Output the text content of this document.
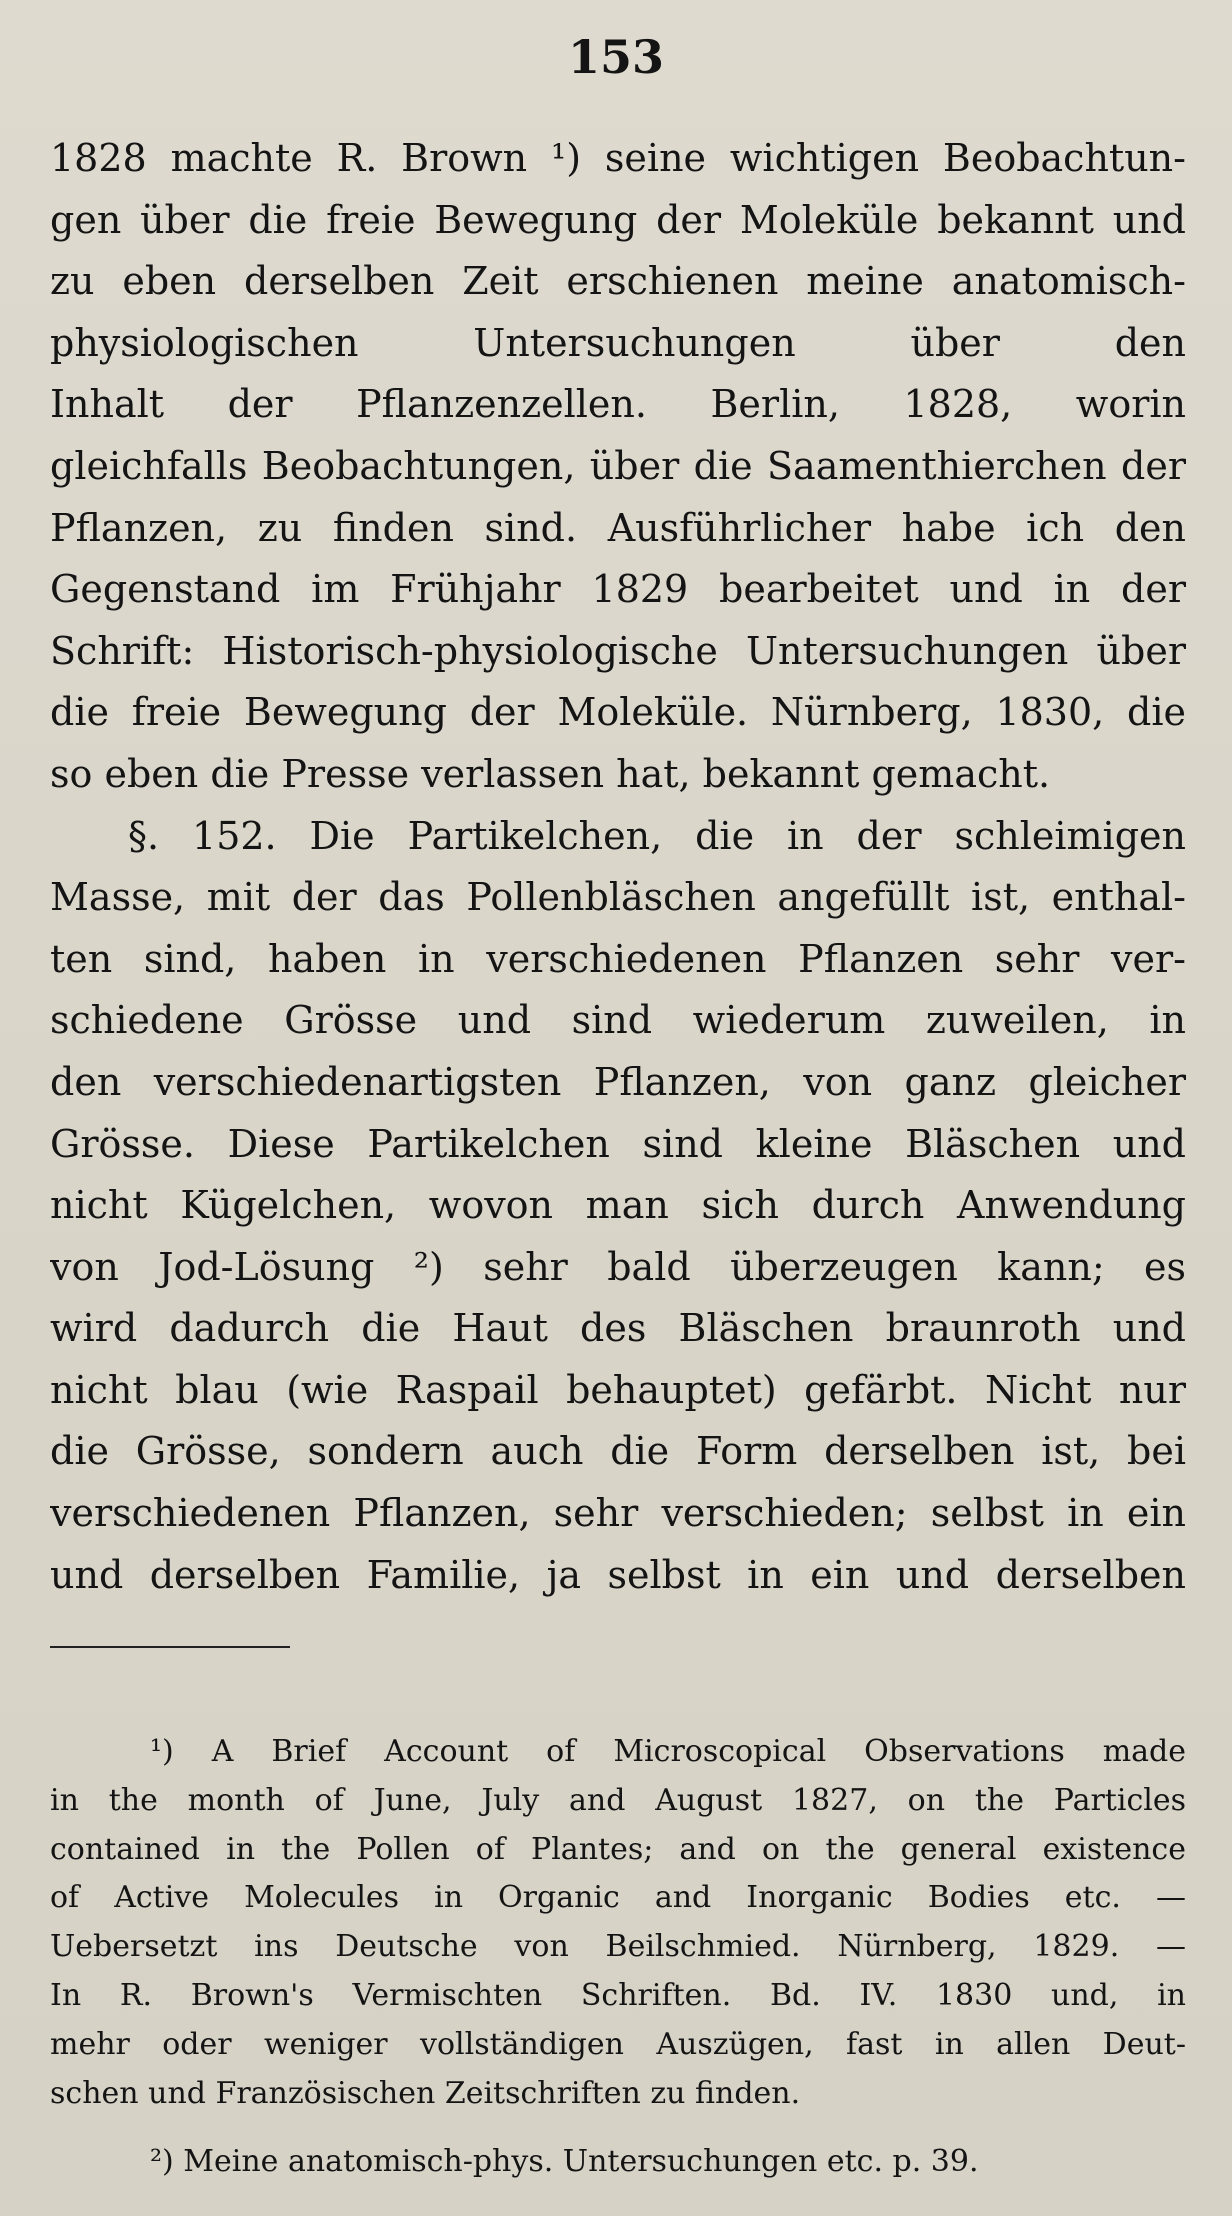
153
1828 machte R. Brown ¹) seine wichtigen Beobachtun-
gen über die freie Bewegung der Moleküle bekannt und
zu eben derselben Zeit erschienen meine anatomisch-
physiologischen Untersuchungen über den
Inhalt der Pflanzenzellen. Berlin, 1828, worin
gleichfalls Beobachtungen, über die Saamenthierchen der
Pflanzen, zu finden sind. Ausführlicher habe ich den
Gegenstand im Frühjahr 1829 bearbeitet und in der
Schrift: Historisch-physiologische Untersuchungen über
die freie Bewegung der Moleküle. Nürnberg, 1830, die
so eben die Presse verlassen hat, bekannt gemacht.
§. 152. Die Partikelchen, die in der schleimigen
Masse, mit der das Pollenbläschen angefüllt ist, enthal-
ten sind, haben in verschiedenen Pflanzen sehr ver-
schiedene Grösse und sind wiederum zuweilen, in
den verschiedenartigsten Pflanzen, von ganz gleicher
Grösse. Diese Partikelchen sind kleine Bläschen und
nicht Kügelchen, wovon man sich durch Anwendung
von Jod-Lösung ²) sehr bald überzeugen kann; es
wird dadurch die Haut des Bläschen braunroth und
nicht blau (wie Raspail behauptet) gefärbt. Nicht nur
die Grösse, sondern auch die Form derselben ist, bei
verschiedenen Pflanzen, sehr verschieden; selbst in ein
und derselben Familie, ja selbst in ein und derselben
¹) A Brief Account of Microscopical Observations made
in the month of June, July and August 1827, on the Particles
contained in the Pollen of Plantes; and on the general existence
of Active Molecules in Organic and Inorganic Bodies etc. —
Uebersetzt ins Deutsche von Beilschmied. Nürnberg, 1829. —
In R. Brown's Vermischten Schriften. Bd. IV. 1830 und, in
mehr oder weniger vollständigen Auszügen, fast in allen Deut-
schen und Französischen Zeitschriften zu finden.
²) Meine anatomisch-phys. Untersuchungen etc. p. 39.
